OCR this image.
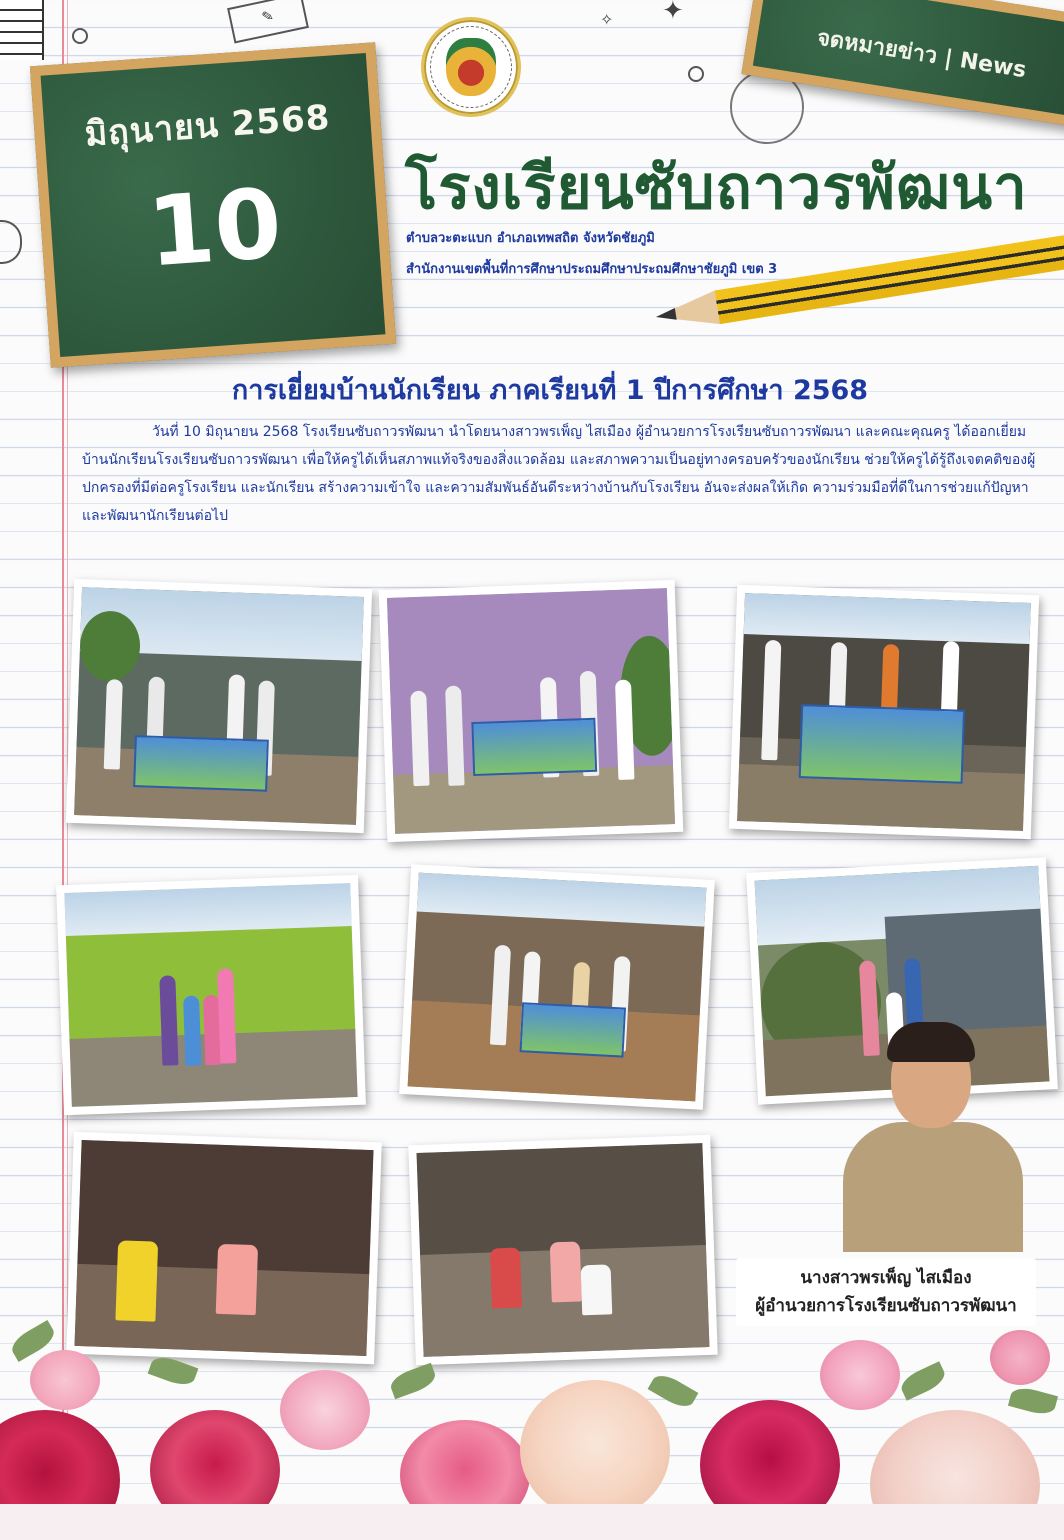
✎	✦
✧
มิถุนายน 2568
10
จดหมายข่าว | News
โรงเรียนซับถาวรพัฒนา
ตำบลวะตะแบก อำเภอเทพสถิต จังหวัดชัยภูมิ
สำนักงานเขตพื้นที่การศึกษาประถมศึกษาประถมศึกษาชัยภูมิ เขต 3
การเยี่ยมบ้านนักเรียน ภาคเรียนที่ 1 ปีการศึกษา 2568
วันที่ 10 มิถุนายน 2568 โรงเรียนซับถาวรพัฒนา นำโดยนางสาวพรเพ็ญ ไสเมือง ผู้อำนวยการโรงเรียนซับถาวรพัฒนา และคณะคุณครู ได้ออกเยี่ยมบ้านนักเรียนโรงเรียนซับถาวรพัฒนา เพื่อให้ครูได้เห็นสภาพแท้จริงของสิ่งแวดล้อม และสภาพความเป็นอยู่ทางครอบครัวของนักเรียน ช่วยให้ครูได้รู้ถึงเจตคติของผู้ปกครองที่มีต่อครูโรงเรียน และนักเรียน สร้างความเข้าใจ และความสัมพันธ์อันดีระหว่างบ้านกับโรงเรียน อันจะส่งผลให้เกิด ความร่วมมือที่ดีในการช่วยแก้ปัญหาและพัฒนานักเรียนต่อไป
นางสาวพรเพ็ญ ไสเมือง
ผู้อำนวยการโรงเรียนซับถาวรพัฒนา
